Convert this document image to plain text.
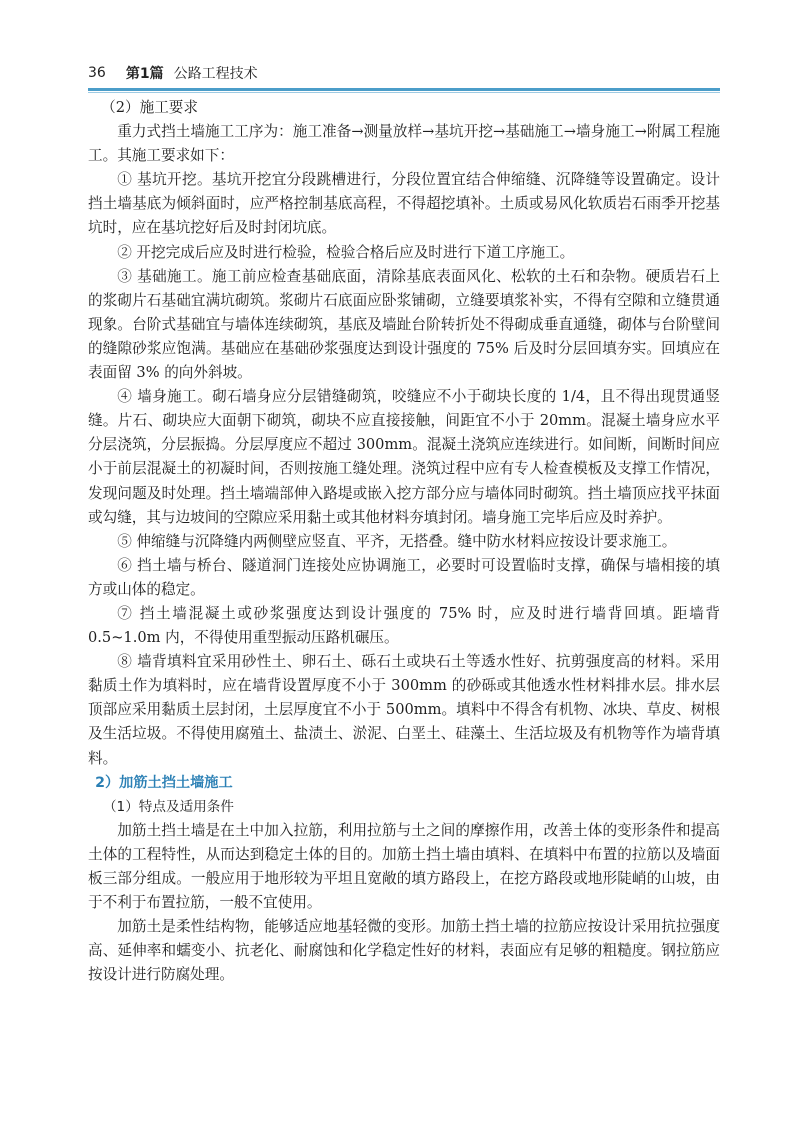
36 第1篇 公路工程技术
（2）施工要求

重力式挡土墙施工工序为：施工准备→测量放样→基坑开挖→基础施工→墙身施工→附属工程施工。其施工要求如下：

① 基坑开挖。基坑开挖宜分段跳槽进行，分段位置宜结合伸缩缝、沉降缝等设置确定。设计挡土墙基底为倾斜面时，应严格控制基底高程，不得超挖填补。土质或易风化软质岩石雨季开挖基坑时，应在基坑挖好后及时封闭坑底。

② 开挖完成后应及时进行检验，检验合格后应及时进行下道工序施工。

③ 基础施工。施工前应检查基础底面，清除基底表面风化、松软的土石和杂物。硬质岩石上的浆砌片石基础宜满坑砌筑。浆砌片石底面应卧浆铺砌，立缝要填浆补实，不得有空隙和立缝贯通现象。台阶式基础宜与墙体连续砌筑，基底及墙趾台阶转折处不得砌成垂直通缝，砌体与台阶壁间的缝隙砂浆应饱满。基础应在基础砂浆强度达到设计强度的 75% 后及时分层回填夯实。回填应在表面留 3% 的向外斜坡。

④ 墙身施工。砌石墙身应分层错缝砌筑，咬缝应不小于砌块长度的 1/4，且不得出现贯通竖缝。片石、砌块应大面朝下砌筑，砌块不应直接接触，间距宜不小于 20mm。混凝土墙身应水平分层浇筑，分层振捣。分层厚度应不超过 300mm。混凝土浇筑应连续进行。如间断，间断时间应小于前层混凝土的初凝时间，否则按施工缝处理。浇筑过程中应有专人检查模板及支撑工作情况，发现问题及时处理。挡土墙端部伸入路堤或嵌入挖方部分应与墙体同时砌筑。挡土墙顶应找平抹面或勾缝，其与边坡间的空隙应采用黏土或其他材料夯填封闭。墙身施工完毕后应及时养护。

⑤ 伸缩缝与沉降缝内两侧壁应竖直、平齐，无搭叠。缝中防水材料应按设计要求施工。

⑥ 挡土墙与桥台、隧道洞门连接处应协调施工，必要时可设置临时支撑，确保与墙相接的填方或山体的稳定。

⑦ 挡土墙混凝土或砂浆强度达到设计强度的 75% 时，应及时进行墙背回填。距墙背 0.5~1.0m 内，不得使用重型振动压路机碾压。

⑧ 墙背填料宜采用砂性土、卵石土、砾石土或块石土等透水性好、抗剪强度高的材料。采用黏质土作为填料时，应在墙背设置厚度不小于 300mm 的砂砾或其他透水性材料排水层。排水层顶部应采用黏质土层封闭，土层厚度宜不小于 500mm。填料中不得含有机物、冰块、草皮、树根及生活垃圾。不得使用腐殖土、盐渍土、淤泥、白垩土、硅藻土、生活垃圾及有机物等作为墙背填料。

2）加筋土挡土墙施工
（1）特点及适用条件

加筋土挡土墙是在土中加入拉筋，利用拉筋与土之间的摩擦作用，改善土体的变形条件和提高土体的工程特性，从而达到稳定土体的目的。加筋土挡土墙由填料、在填料中布置的拉筋以及墙面板三部分组成。一般应用于地形较为平坦且宽敞的填方路段上，在挖方路段或地形陡峭的山坡，由于不利于布置拉筋，一般不宜使用。

加筋土是柔性结构物，能够适应地基轻微的变形。加筋土挡土墙的拉筋应按设计采用抗拉强度高、延伸率和蠕变小、抗老化、耐腐蚀和化学稳定性好的材料，表面应有足够的粗糙度。钢拉筋应按设计进行防腐处理。
